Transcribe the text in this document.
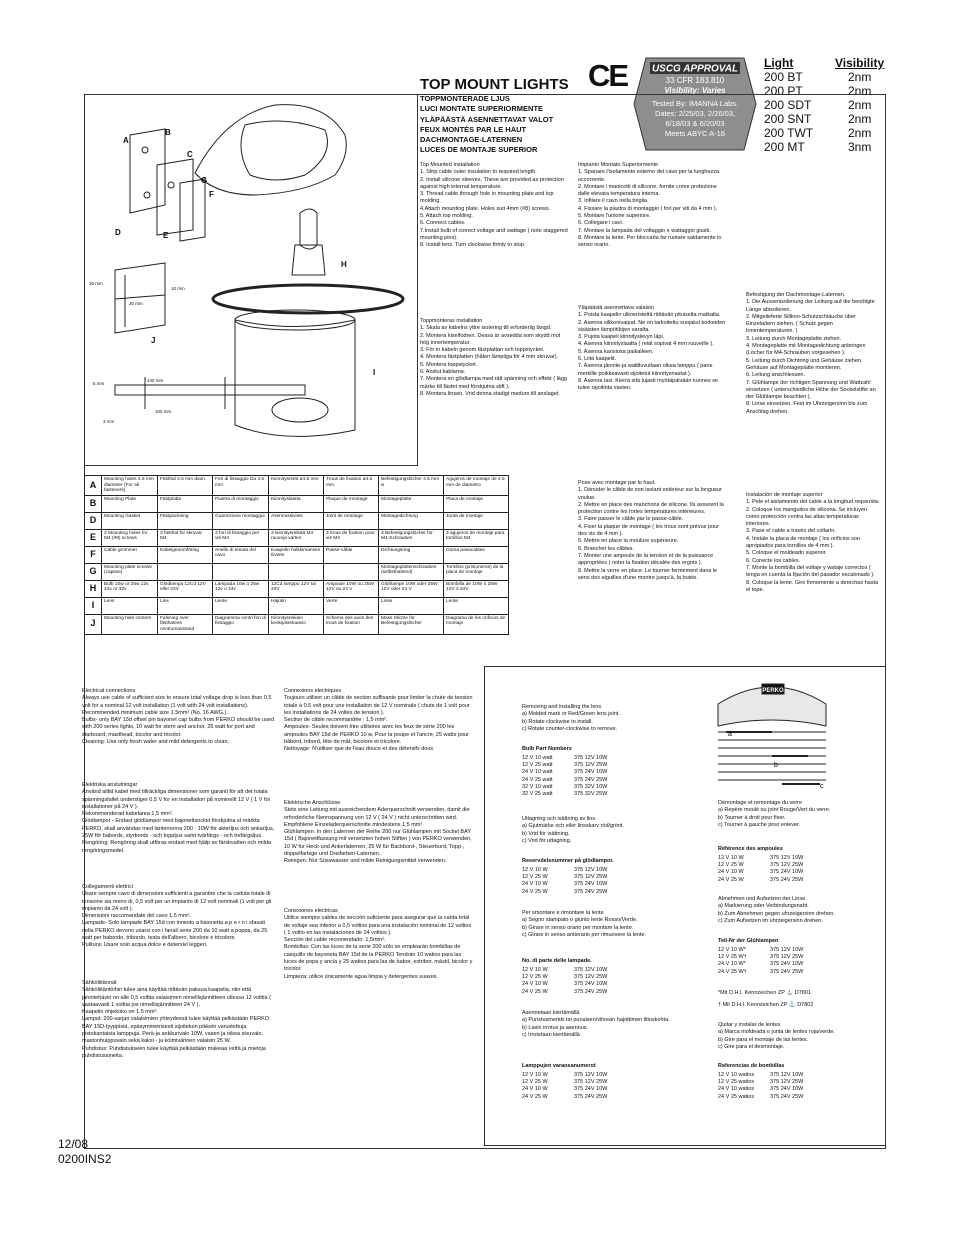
TOP MOUNT LIGHTS
TOPPMONTERADE LJUS
LUCI MONTATE SUPERIORMENTE
YLÄPÄÄSTÄ ASENNETTAVAT VALOT
FEUX MONTÉS PAR LE HAUT
DACHMONTAGE-LATERNEN
LUCES DE MONTAJE SUPERIOR
CE USCG APPROVAL
33 CFR 183.810
Visibility: Varies
Tested By: IMANNA Labs.
Dates: 2/25/03, 2/26/03,
6/18/03 & 6/20/03
Meets ABYC A-16
Light	Visibility
200 BT	2nm
200 PT	2nm
200 SDT	2nm
200 SNT	2nm
200 TWT	2nm
200 MT	3nm
A
B
C
D	E
F
G
H
I
J
30 mm
30 mm
10 mm
5 mm
140 mm
100 mm
3 mm
Top Mounted Installation
1. Strip cable outer insulation to required length.
2. Install silicone sleeves. These are provided as protection against high internal temperature.
3. Thread cable through hole in mounting plate and top molding.
4.Attach mounting plate. Holes suit 4mm (#8) screws.
5. Attach top molding.
6. Connect cables.
7.Install bulb of correct voltage and wattage ( note staggered mounting pins).
8. Install lens. Turn clockwise firmly to stop.
Toppmonteras installation
1. Skala av kabelns yttre isolering till erforderlig längd.
2. Montera kiselfodren. Dessa är avsedda som skydd mot hög innertemperatur.
3. För in kabeln genom fästplattan och toppstycket.
4. Montera fästplatten (hålen lämpliga för 4 mm skruvar).
5. Montera toppstycket.
6. Anslut kablarna.
7. Montera en glödlampa med rätt spänning och effekt ( lägg märke till fästet med förskjutna stift ).
8. Montera linsen. Vrid denna stadigt medurs till anslaget.
Impianto Montato Superiormente
1. Spanare l'isolamento esterno del cavo per la lunghezza occorrente.
2. Montare i manicotti di silicone, fornite come protezione dalle elevata temperatura interna.
3. Infilare il cavo nella briglia.
4. Fissare la piastra di montaggio ( fori per viti da 4 mm ).
5. Montare l'unione superiore.
6. Collegare i cavi.
7. Montare la lampada del voltaggio e wattaggio giusti.
8. Montare la lente. Per bloccarla far ruotare saldamente in senso orario.
Yläpäästä asennettava valaisin
1. Poista kaapelin ulkoeristettä riittävän pituiselta matkalta.
2. Asenna silikonivaipat. Ne on tarkoitettu suojaksi korkeiden sisäisten lämpötilojen varalta.
3. Pujota kaapeli kiinnityslevyn läpi.
4. Asenna kiinnityslaatta ( reiät sopivat 4 mm ruuveille ).
5. Asenna kansiosa paikalleen.
6. Liitä kaapelit.
7. Asenna jännite-ja wattiluvultaan oikea lamppu ( pane merkille poikkeavasti sijoitetut kiinnitysnastat ).
8. Asenna lasi. Kierrä sitä lujasti myötäpäivään kunnes se tulee rajoitinta vasten.
Pose avec montage par le haut.
1. Dénuder le câble de son isolant extérieur sur la longueur voulue.
2. Mettre en place des manchons de silicone. Ils assurent la protection contre les fortes températures intérieures.
3. Faire passer le câble par le passe-câble.
4. Fixer la plaque de montage ( les trous sont prévus pour des vis de 4 mm ).
5. Mettre en place la moulure supérieure.
6. Brancher les câbles.
7. Monter une ampoule de la tension et de la puissance appropriées ( noter la fixation décalée des ergots ).
8. Mettre la verre en place. Le tourner fermement dans le sens des aiguilles d'une montre jusqu'à, la butée.
Befestigung der Dachmontage-Laternen.
1. Die Aussenisolierung der Leitung auf die benötigte Länge abisolieren.
2. Mitgelieferte Silikon-Schutzschläuche über Einzeladern ziehen. ( Schutz gegen Innentemperaturen. )
3. Leitung durch Montageplatte ziehen.
4. Montageplatte mit Montagedichtung anbringen (Löcher für M4-Schrauben vorgesehen ).
5. Leitung durch Dichtring und Gehäuse ziehen. Gehäuse auf Montageplatte montieren.
6. Leitung anschliessen.
7. Glühlampe der richtigen Spannung und Wattzahl einsetzen ( unterschiedliche Höhe der Sockelstifte an der Glühlampe beachten ).
8. Linse einsetzen. Fest im Uhrzeigersinn bis zum Anschlag drehen.
Instalación de montaje superior
1. Pele el aislamiento del cable a la longitud requerida.
2. Coloque los manguitos de silicona. Se incluyen como protección contra las altas temperaturas interiores.
3. Pase el cable a través del collarín.
4. Instale la placa de montaje ( los orificios son apropiados para tornillos de 4 mm ).
5. Coloque el moldeado superior.
6. Conecte los cables.
7. Monte la bombilla del voltaje y wataje correctos ( tenga en cuenta la fijación del pasador escalonado ).
8. Coloque la lente. Gire firmemente a derechas hasta el tope.
A	Mounting holes 4.5 mm diameter (For all fasteners)	Fästhal 4.5 mm diam.	Fori di fissaggio Da 4.5 mm	Kiinnitysreiät ø4.5 mm	Trous de fixation ø4.5 mm	Befestigungslöcher 4,5 mm ø	Agujeros de montaje de 4.5 mm de diametro
B	Mounting Plate	Fästplatta	Piastra di montaggio	Kiinnityslaatta	Plaque de montage	Montageplatte	Placa de montaje
D	Mounting Gasket	Fästpackning	Guarnizione montaggio	Asennustiiviste	Joint de montage	Montagedichtung	Junta de montaje
E	3 Mounting holes for M4 (#8) screws	3 fästhal for skruvar M4	3 fori di fissaggio per viti M4	3 kiinnitysreikää M4 ruuveja varten	3 trous de fixation pour vis M4	3 Befestigungslöcher für M4-Schrauben	3 agujeros de montaje para tornillos M4
F	Cable grommet	Kabelgenomföring	Anello di tenuta del cavo	Kaapelin holkkimansen tiiviste	Passe-câble	Dichtungsring	Goma pasacables
G	Mounting plate screws (captive)					Montageplattenschrauben (selbsthaltend)	Tornillos (prisioneros) de la placa de montaje
H	Bulb 10w or 25w 12v 24v or 32v	Glödlampa 12Cd 12V eller 24V	Lampada 10w o 25w 12v o 24v	12Cd lamppu 12V tai 24V	Ampoule 10W ou 25W 12V ou 24 V	Glühlampe 10W oder 25W 12V oder 24 V	Bombilla de 10W ó 25W 12V ó 24V
I	Lens	Lins	Lente	Häjotin	Verre	Linse	Lente
J	Mounting hole centers	Falsning over fästhalens centrumavstand	Diagramma centri fori di fissaggio	Kiinnitysreikien keskipistekaavio	Schema des axes des trous de fixation	Mass Skizze für Befestigungslöcher	Diagrama de los orificios de montaje
Electrical connections
Always use cable of sufficient size to ensure total voltage drop is less than 0.5 volt for a nominal 12 volt installation (1 volt with 24 volt installations).
Recommended minimum cable size 1.5mm² (No. 16 AWG.).
Bulbs- only BAY 15d offset pin bayonet cap bulbs from PERKO should be used with 200 series lights, 10 watt for stern and anchor, 25 watt for port and starboard, masthead, bicolor and tricolor.
Cleaning: Use only fresh water and mild detergents to clean.
Elektriska anslutningar
Använd alltid kabel med tillräckliga dimensioner som garanti för att det totala spänningsfallet understiger 0,5 V for en installation på nominellt 12 V ( 1 V for installationer på 24 V ).
Rekommenderad kabelarea 1,5 mm².
Glödlampor - Endast glödlampor med bajonettsockel förskjutna st märkta PERKO, skall användas med lanternorna 200 : 10W för akterljus och ankarljus, 25W för babords, styrbords - och toppljus samt tvärfärgs - och trefärgsljus.
Rengöring: Rengöring skall utföras endast med hjälp av färskvatten och milda rengöringsmedel.
Collegamenti elettrici
Usare sempre cavo di dimensioni sufficienti a garantire che la caduta totale di tensione sia meno di, 0,5 volt per un impianto di 12 volt nominali (1 volt per gli impianto da 24 volt ).
Dimensioni raccomandate del cavo 1,5 mm².
Lampade- Solo lampade BAY 15d con innesto a baionetta a p e r n i sfasati della PERKO devono usarsi con i fanali serie 200 da 10 watt a poppa, da 25 watt per babordo, tribordo, testa dell'albero, bicolore e tricolore.
Pulitura: Usare solo acqua dolce e detersivi leggeri.
Sähköliitännät
Sähköliitäntöihin tulee aina käyttää riittävän paksua kaapelia, niin että jännitehäviö on alle 0,5 volttia valaisimen nimellisjännitteen ollessa 12 volttia ( vastaavasti 1 volttia jos nimellisjännitteen 24 V ).
Kaapelin ohjekoko on 1,5 mm².
Lamput: 200-sarjan valaisimien yhteydessä tulee käyttää pelkästään PERKO BAY 15D-tyyppisiä, epäsymmetrisesti sijoitetuin pikkein varustettuja pistokantaisia lamppuja. Perä-ja ankkurivalo 10W, vasen ja oikea sivuvalo, mastonhuippuvalo sekä kaksi - ja kolmivärinen valaisin 25 W.
Puhdistus: Puhdistukseen tulee käyttää pelkästään makeaa vettä ja mietoja puhdistusaineita.
Connexions electriques
Toujours utiliser un câble de section suffisante pour limiter la chute de tension totale à 0,5 volt pour une installation de 12 V nominale ( chute de 1 volt pour les installations de 24 voltes de tension ).
Section de câble recommandée : 1,5 mm².
Ampoules- Seules doivent être utilisées avec les feux de série 200 les ampoules BAY 15d de PERKO 10 w. Pour la poupe et l'ancre, 25 watts pour bâbord, tribord, tête de mât, bicolore et tricolore.
Nettoyage: N'utiliser que de l'eau douce et des détersifs doux.
Elektrische Anschlüsse
Stets eine Leitung mit ausreichendem Aderquerschnitt verwenden, damit die erforderliche Nennspannung von 12 V ( 24 V ) nicht unterschritten wird.
Empfohlene Einzeladerquerschnitte mindestens 1,5 mm².
Glühlampen: In den Laternen der Reihe 200 nur Glühlampen mit Sockel BAY 15d ( Bajonettfassung mit versetzten hohen Stiften ) von PERKO verwenden, 10 W für Heck-und Ankerlaternen, 25 W für Backbord-, Steuerbord, Topp-, doppelfarbige und Dreifarben-Laternen.
Reinigen: Nur Süsswasser und milde Reinigungsmittel verwenden.
Conexiones electricas
Utilice siempre cables de sección suficiente para asegurar que la caída total de voltaje sea inferior a 0,5 voltios para una instalación nominal de 12 voltios ( 1 voltio en las instalaciones de 24 voltios ).
Sección del cable recomendado: 1,5mm².
Bombillas: Con las luces de la serie 200 sólo se emplearán bombillas de casquillo de bayoneta BAY 15d de la PERKO Tendrán 10 watios para las luces de popa y ancla y 25 watios para las de babor, estribor, mástil, bicolor y tricolor.
Limpieza: utilice únicamente agua limpia y detergentes suaves.
Removing and installing the lens
a) Molded mark or Red/Green lens joint.
b) Rotate clockwise to install.
c) Rotate counter-clockwise to remove.
Bulb Part Numbers
12 V 10 watt	375 12V 10W
12 V 25 watt	375 12V 25W
24 V 10 watt	375 24V 10W
24 V 25 watt	375 24V 25W
32 V 10 watt	375 32V 10W
32 V 25 watt	375 32V 25W
Uttagning och isättning av lins.
a) Gjutmärke och eller linsskarv röd/grönt.
b) Vrid för isättning.
c) Vrid för uttagning.
Reservdelsnummer på glödlampor.
12 V 10 W	375 12V 10W
12 V 25 W	375 12V 25W
24 V 10 W	375 24V 10W
24 V 25 W	375 24V 25W
Per smontare e rimontare la lente
a) Segno stampato o giunto lente Rosso/Verde.
b) Girare in senso orario per montare la lente.
c) Girare in senso antiorario per rimuovere la lente.
No. di parte delle lampade.
12 V 10 W	375 12V 10W
12 V 25 W	375 12V 25W
24 V 10 W	375 24V 10W
24 V 25 W	375 24V 25W
Asennetaan kiertämällä
a) Puristusmerkki tai punaisen/vihreän hajottimen liitoskohta.
b) Lasin irrotus ja asennus.
c) Irrotetaan kiertämällä
Lamppujen varaosanumerot
12 V 10 W	375 12V 10W
12 V 25 W	375 12V 25W
24 V 10 W	375 24V 10W
24 V 25 W	375 24V 25W
PERKO
a
b
c
Démontage et remontage du verre
a) Repère moulé ou joint Rouge/Vert du verre.
b) Tourner à droit pour fixer.
c) Tourner à gauche pour enlever.
Référence des ampoules
12 V 10 W	375 12V 10W
12 V 25 W	375 12V 25W
24 V 10 W	375 24V 10W
24 V 25 W	375 24V 25W
Abnehmen und Aufsetzen der Linse.
a) Markierung oder Verbindungsnaht.
b) Zum Abnehmen gegen uhrzeigersinn drehen.
c) Zum Aufsetzen im uhrzeigersinn drehen.
Teil-Nr der Glühlampen
12 V 10 W*	375 12V 10W
12 V 25 W†	375 12V 25W
24 V 10 W*	375 24V 10W
24 V 25 W†	375 24V 25W
*Mit D.H.I. Kennzeichen ZP ⚓ D7801
† Mit D.H.I. Kennzeichen ZP ⚓ D7802
Quitar y instalar de lentes
a) Marca moldeada o junta de lentes roja/verde.
b) Gire para el montaje de las lentes.
c) Gire para el desmontaje.
Referencias de bombillas
12 V 10 watios	375 12V 10W
12 V 25 watios	375 12V 25W
24 V 10 watios	375 24V 10W
24 V 25 watios	375 24V 25W
12/08
0200INS2
